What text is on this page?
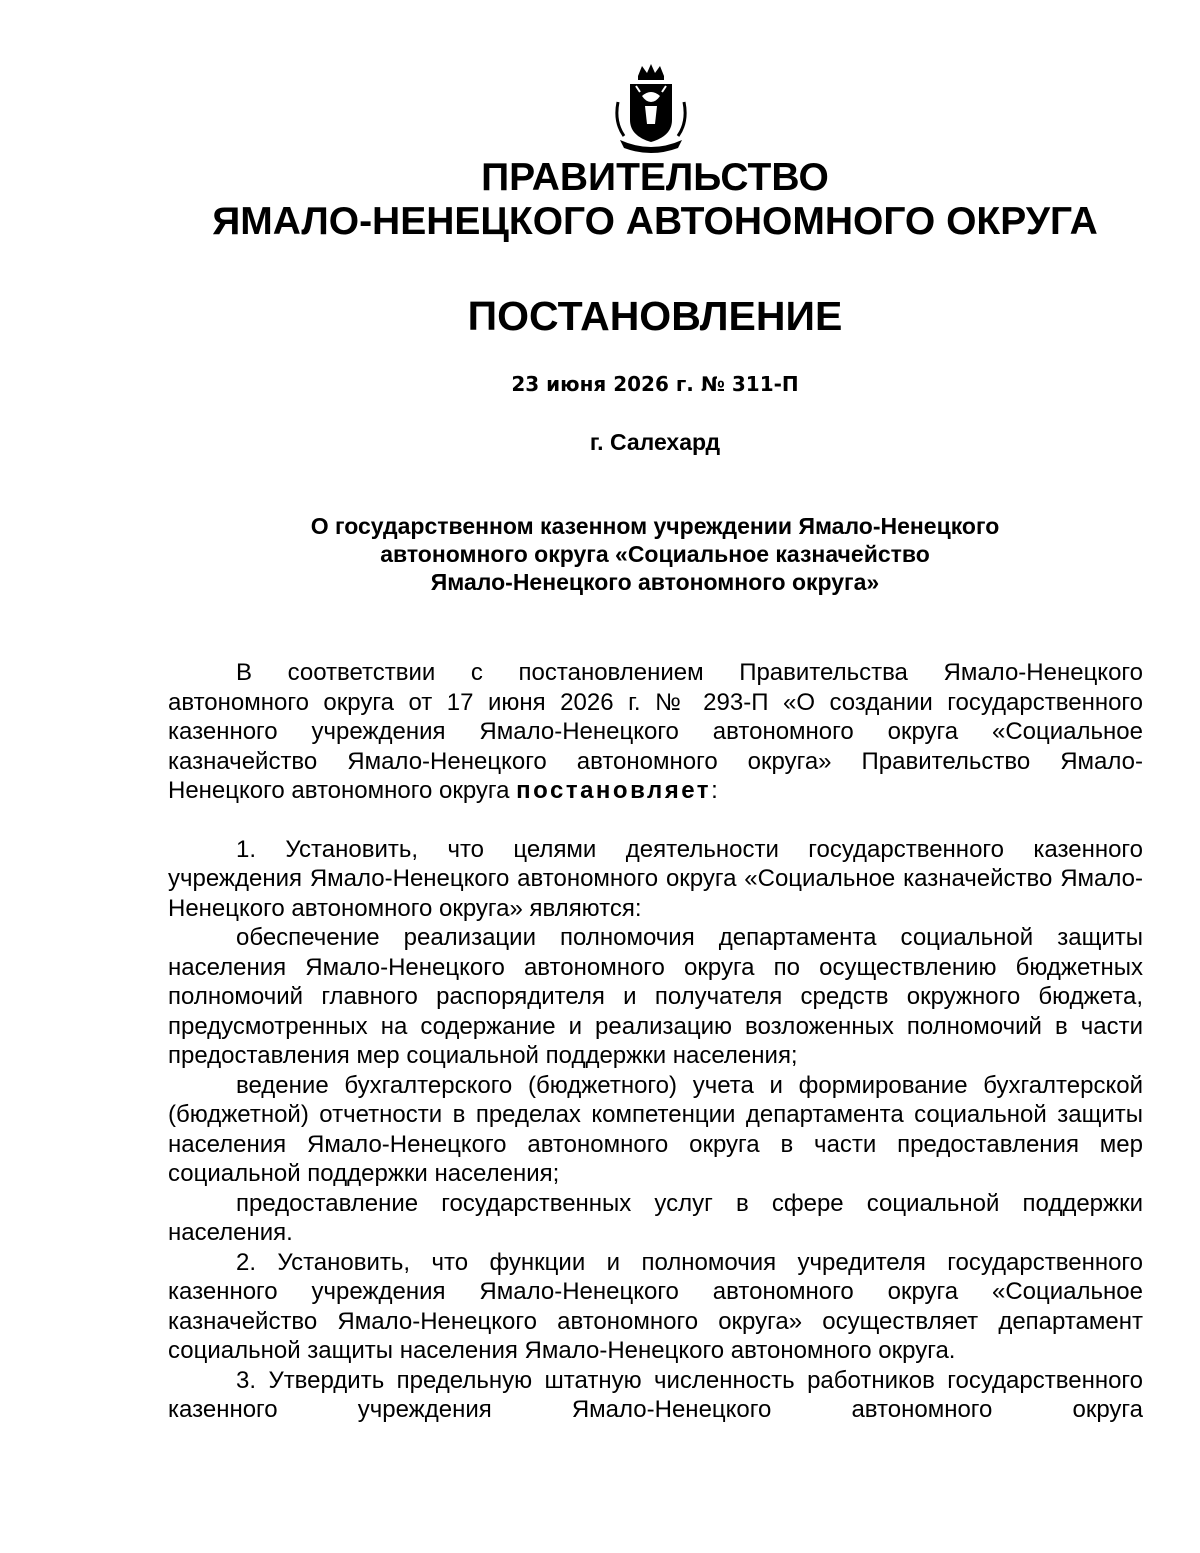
ПРАВИТЕЛЬСТВО
ЯМАЛО-НЕНЕЦКОГО АВТОНОМНОГО ОКРУГА
ПОСТАНОВЛЕНИЕ
23 июня 2026 г. № 311-П
г. Салехард
О государственном казенном учреждении Ямало-Ненецкого
автономного округа «Социальное казначейство
Ямало-Ненецкого автономного округа»

В соответствии с постановлением Правительства Ямало-Ненецкого автономного округа от 17 июня 2026 г. № 293-П «О создании государственного казенного учреждения Ямало-Ненецкого автономного округа «Социальное казначейство Ямало-Ненецкого автономного округа» Правительство Ямало-Ненецкого автономного округа постановляет:

1. Установить, что целями деятельности государственного казенного учреждения Ямало-Ненецкого автономного округа «Социальное казначейство Ямало-Ненецкого автономного округа» являются:

обеспечение реализации полномочия департамента социальной защиты населения Ямало-Ненецкого автономного округа по осуществлению бюджетных полномочий главного распорядителя и получателя средств окружного бюджета, предусмотренных на содержание и реализацию возложенных полномочий в части предоставления мер социальной поддержки населения;

ведение бухгалтерского (бюджетного) учета и формирование бухгалтерской (бюджетной) отчетности в пределах компетенции департамента социальной защиты населения Ямало-Ненецкого автономного округа в части предоставления мер социальной поддержки населения;

предоставление государственных услуг в сфере социальной поддержки населения.

2. Установить, что функции и полномочия учредителя государственного казенного учреждения Ямало-Ненецкого автономного округа «Социальное казначейство Ямало-Ненецкого автономного округа» осуществляет департамент социальной защиты населения Ямало-Ненецкого автономного округа.

3. Утвердить предельную штатную численность работников государственного казенного учреждения Ямало-Ненецкого автономного округа
